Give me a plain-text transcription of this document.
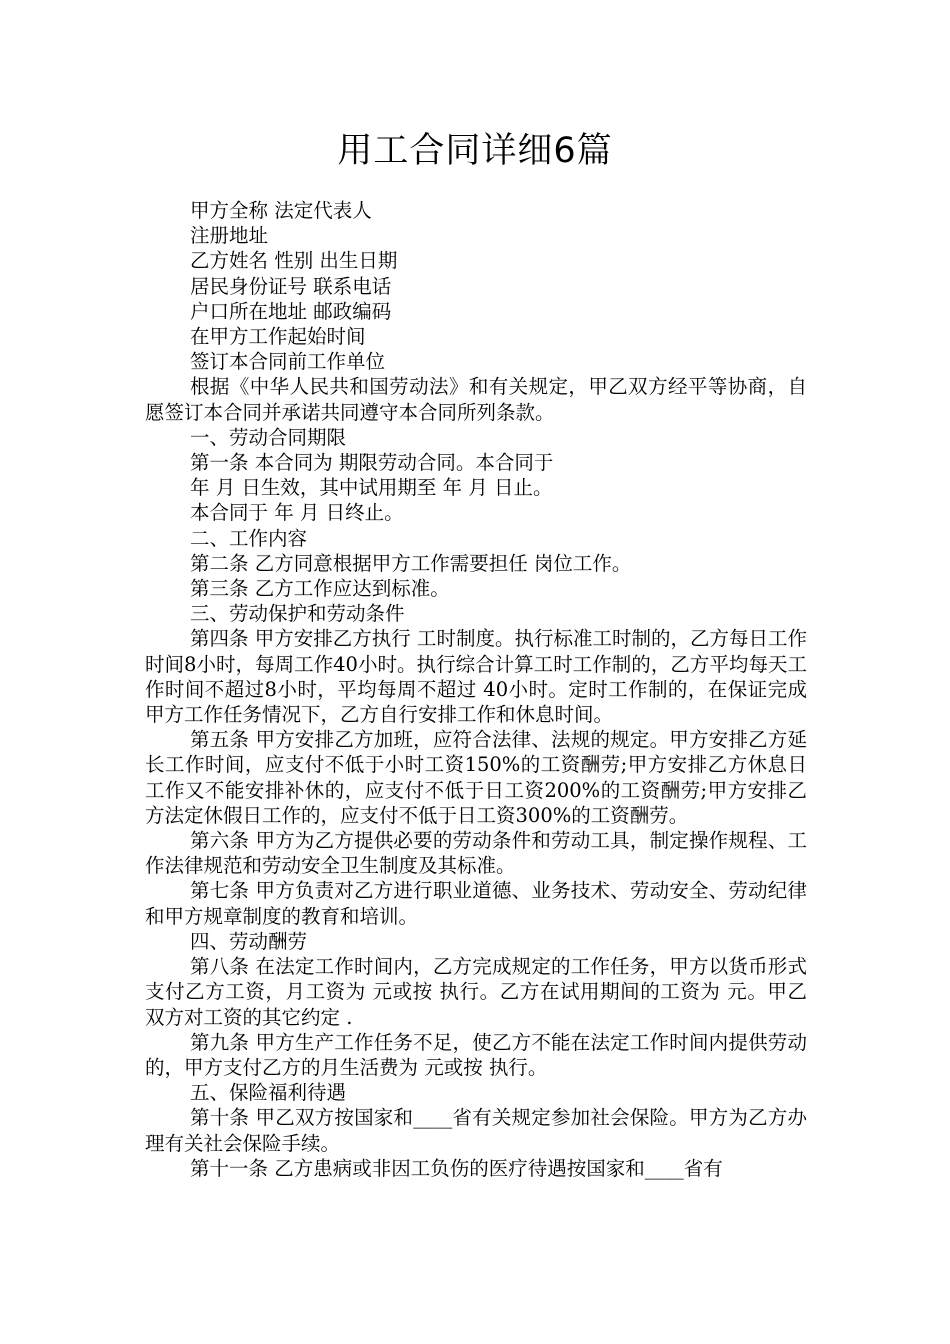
用工合同详细6篇

甲方全称 法定代表人

注册地址

乙方姓名 性别 出生日期

居民身份证号 联系电话

户口所在地址 邮政编码

在甲方工作起始时间

签订本合同前工作单位

根据《中华人民共和国劳动法》和有关规定，甲乙双方经平等协商，自愿签订本合同并承诺共同遵守本合同所列条款。

一、劳动合同期限

第一条 本合同为 期限劳动合同。本合同于

年 月 日生效，其中试用期至 年 月 日止。

本合同于 年 月 日终止。

二、工作内容

第二条 乙方同意根据甲方工作需要担任 岗位工作。

第三条 乙方工作应达到标准。

三、劳动保护和劳动条件

第四条 甲方安排乙方执行 工时制度。执行标准工时制的，乙方每日工作时间8小时，每周工作40小时。执行综合计算工时工作制的，乙方平均每天工作时间不超过8小时，平均每周不超过 40小时。定时工作制的，在保证完成甲方工作任务情况下，乙方自行安排工作和休息时间。

第五条 甲方安排乙方加班，应符合法律、法规的规定。甲方安排乙方延长工作时间，应支付不低于小时工资150%的工资酬劳;甲方安排乙方休息日工作又不能安排补休的，应支付不低于日工资200%的工资酬劳;甲方安排乙方法定休假日工作的，应支付不低于日工资300%的工资酬劳。

第六条 甲方为乙方提供必要的劳动条件和劳动工具，制定操作规程、工作法律规范和劳动安全卫生制度及其标准。

第七条 甲方负责对乙方进行职业道德、业务技术、劳动安全、劳动纪律和甲方规章制度的教育和培训。

四、劳动酬劳

第八条 在法定工作时间内，乙方完成规定的工作任务，甲方以货币形式支付乙方工资，月工资为 元或按 执行。乙方在试用期间的工资为 元。甲乙双方对工资的其它约定 .

第九条 甲方生产工作任务不足，使乙方不能在法定工作时间内提供劳动的，甲方支付乙方的月生活费为 元或按 执行。

五、保险福利待遇

第十条 甲乙双方按国家和____省有关规定参加社会保险。甲方为乙方办理有关社会保险手续。

第十一条 乙方患病或非因工负伤的医疗待遇按国家和____省有
